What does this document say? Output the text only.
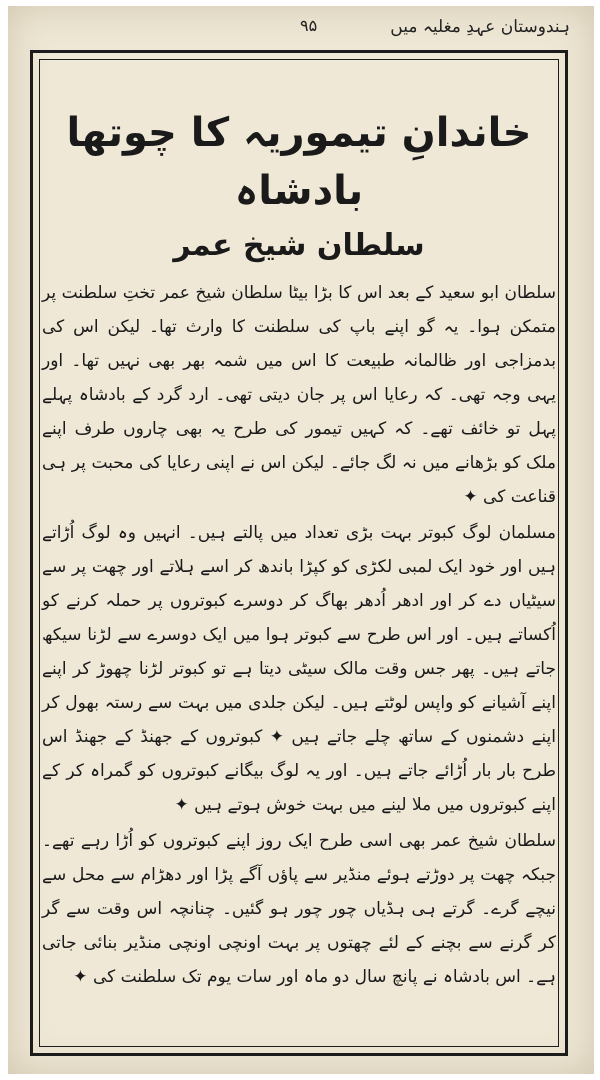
ہندوستان عہدِ مغلیہ میں
۹۵
خاندانِ تیموریہ کا چوتھا بادشاہ
سلطان شیخ عمر

سلطان ابو سعید کے بعد اس کا بڑا بیٹا سلطان شیخ عمر تختِ سلطنت پر متمکن ہوا۔ یہ گو اپنے باپ کی سلطنت کا وارث تھا۔ لیکن اس کی بدمزاجی اور ظالمانہ طبیعت کا اس میں شمہ بھر بھی نہیں تھا۔ اور یہی وجہ تھی۔ کہ رعایا اس پر جان دیتی تھی۔ ارد گرد کے بادشاہ پہلے پہل تو خائف تھے۔ کہ کہیں تیمور کی طرح یہ بھی چاروں طرف اپنے ملک کو بڑھانے میں نہ لگ جائے۔ لیکن اس نے اپنی رعایا کی محبت پر ہی قناعت کی ✦

مسلمان لوگ کبوتر بہت بڑی تعداد میں پالتے ہیں۔ انہیں وہ لوگ اُڑاتے ہیں اور خود ایک لمبی لکڑی کو کپڑا باندھ کر اسے ہلاتے اور چھت پر سے سیٹیاں دے کر اور ادھر اُدھر بھاگ کر دوسرے کبوتروں پر حملہ کرنے کو اُکساتے ہیں۔ اور اس طرح سے کبوتر ہوا میں ایک دوسرے سے لڑنا سیکھ جاتے ہیں۔ پھر جس وقت مالک سیٹی دیتا ہے تو کبوتر لڑنا چھوڑ کر اپنے اپنے آشیانے کو واپس لوٹتے ہیں۔ لیکن جلدی میں بہت سے رستہ بھول کر اپنے دشمنوں کے ساتھ چلے جاتے ہیں ✦ کبوتروں کے جھنڈ کے جھنڈ اس طرح بار بار اُڑائے جاتے ہیں۔ اور یہ لوگ بیگانے کبوتروں کو گمراہ کر کے اپنے کبوتروں میں ملا لینے میں بہت خوش ہوتے ہیں ✦

سلطان شیخ عمر بھی اسی طرح ایک روز اپنے کبوتروں کو اُڑا رہے تھے۔ جبکہ چھت پر دوڑتے ہوئے منڈیر سے پاؤں آگے پڑا اور دھڑام سے محل سے نیچے گرے۔ گرتے ہی ہڈیاں چور چور ہو گئیں۔ چنانچہ اس وقت سے گر کر گرنے سے بچنے کے لئے چھتوں پر بہت اونچی اونچی منڈیر بنائی جاتی ہے۔ اس بادشاہ نے پانچ سال دو ماہ اور سات یوم تک سلطنت کی ✦
